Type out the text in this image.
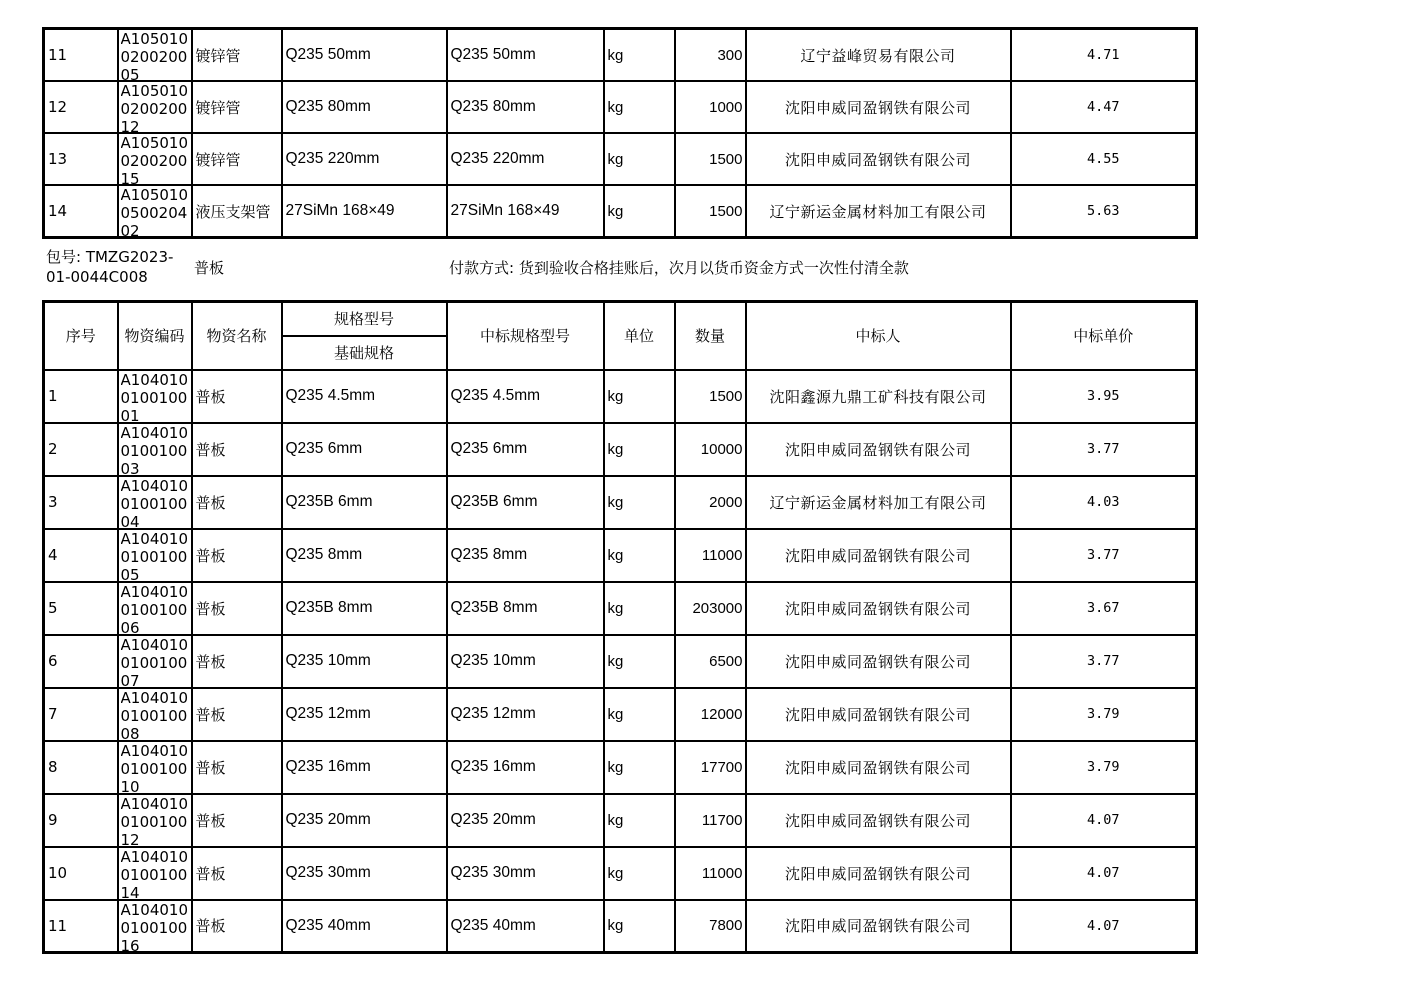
11	A105010020020005	镀锌管	Q235 50mm	Q235 50mm	kg	300	辽宁益峰贸易有限公司	4.71
12	A105010020020012	镀锌管	Q235 80mm	Q235 80mm	kg	1000	沈阳申威同盈钢铁有限公司	4.47
13	A105010020020015	镀锌管	Q235 220mm	Q235 220mm	kg	1500	沈阳申威同盈钢铁有限公司	4.55
14	A105010050020402	液压支架管	27SiMn 168×49	27SiMn 168×49	kg	1500	辽宁新运金属材料加工有限公司	5.63
包号: TMZG2023-
01-0044C008	普板	付款方式: 货到验收合格挂账后，次月以货币资金方式一次性付清全款
序号	物资编码	物资名称	规格型号	中标规格型号	单位	数量	中标人	中标单价
			基础规格					
1	A104010010010001	普板	Q235 4.5mm	Q235 4.5mm	kg	1500	沈阳鑫源九鼎工矿科技有限公司	3.95
2	A104010010010003	普板	Q235 6mm	Q235 6mm	kg	10000	沈阳申威同盈钢铁有限公司	3.77
3	A104010010010004	普板	Q235B 6mm	Q235B 6mm	kg	2000	辽宁新运金属材料加工有限公司	4.03
4	A104010010010005	普板	Q235 8mm	Q235 8mm	kg	11000	沈阳申威同盈钢铁有限公司	3.77
5	A104010010010006	普板	Q235B 8mm	Q235B 8mm	kg	203000	沈阳申威同盈钢铁有限公司	3.67
6	A104010010010007	普板	Q235 10mm	Q235 10mm	kg	6500	沈阳申威同盈钢铁有限公司	3.77
7	A104010010010008	普板	Q235 12mm	Q235 12mm	kg	12000	沈阳申威同盈钢铁有限公司	3.79
8	A104010010010010	普板	Q235 16mm	Q235 16mm	kg	17700	沈阳申威同盈钢铁有限公司	3.79
9	A104010010010012	普板	Q235 20mm	Q235 20mm	kg	11700	沈阳申威同盈钢铁有限公司	4.07
10	A104010010010014	普板	Q235 30mm	Q235 30mm	kg	11000	沈阳申威同盈钢铁有限公司	4.07
11	A104010010010016	普板	Q235 40mm	Q235 40mm	kg	7800	沈阳申威同盈钢铁有限公司	4.07
